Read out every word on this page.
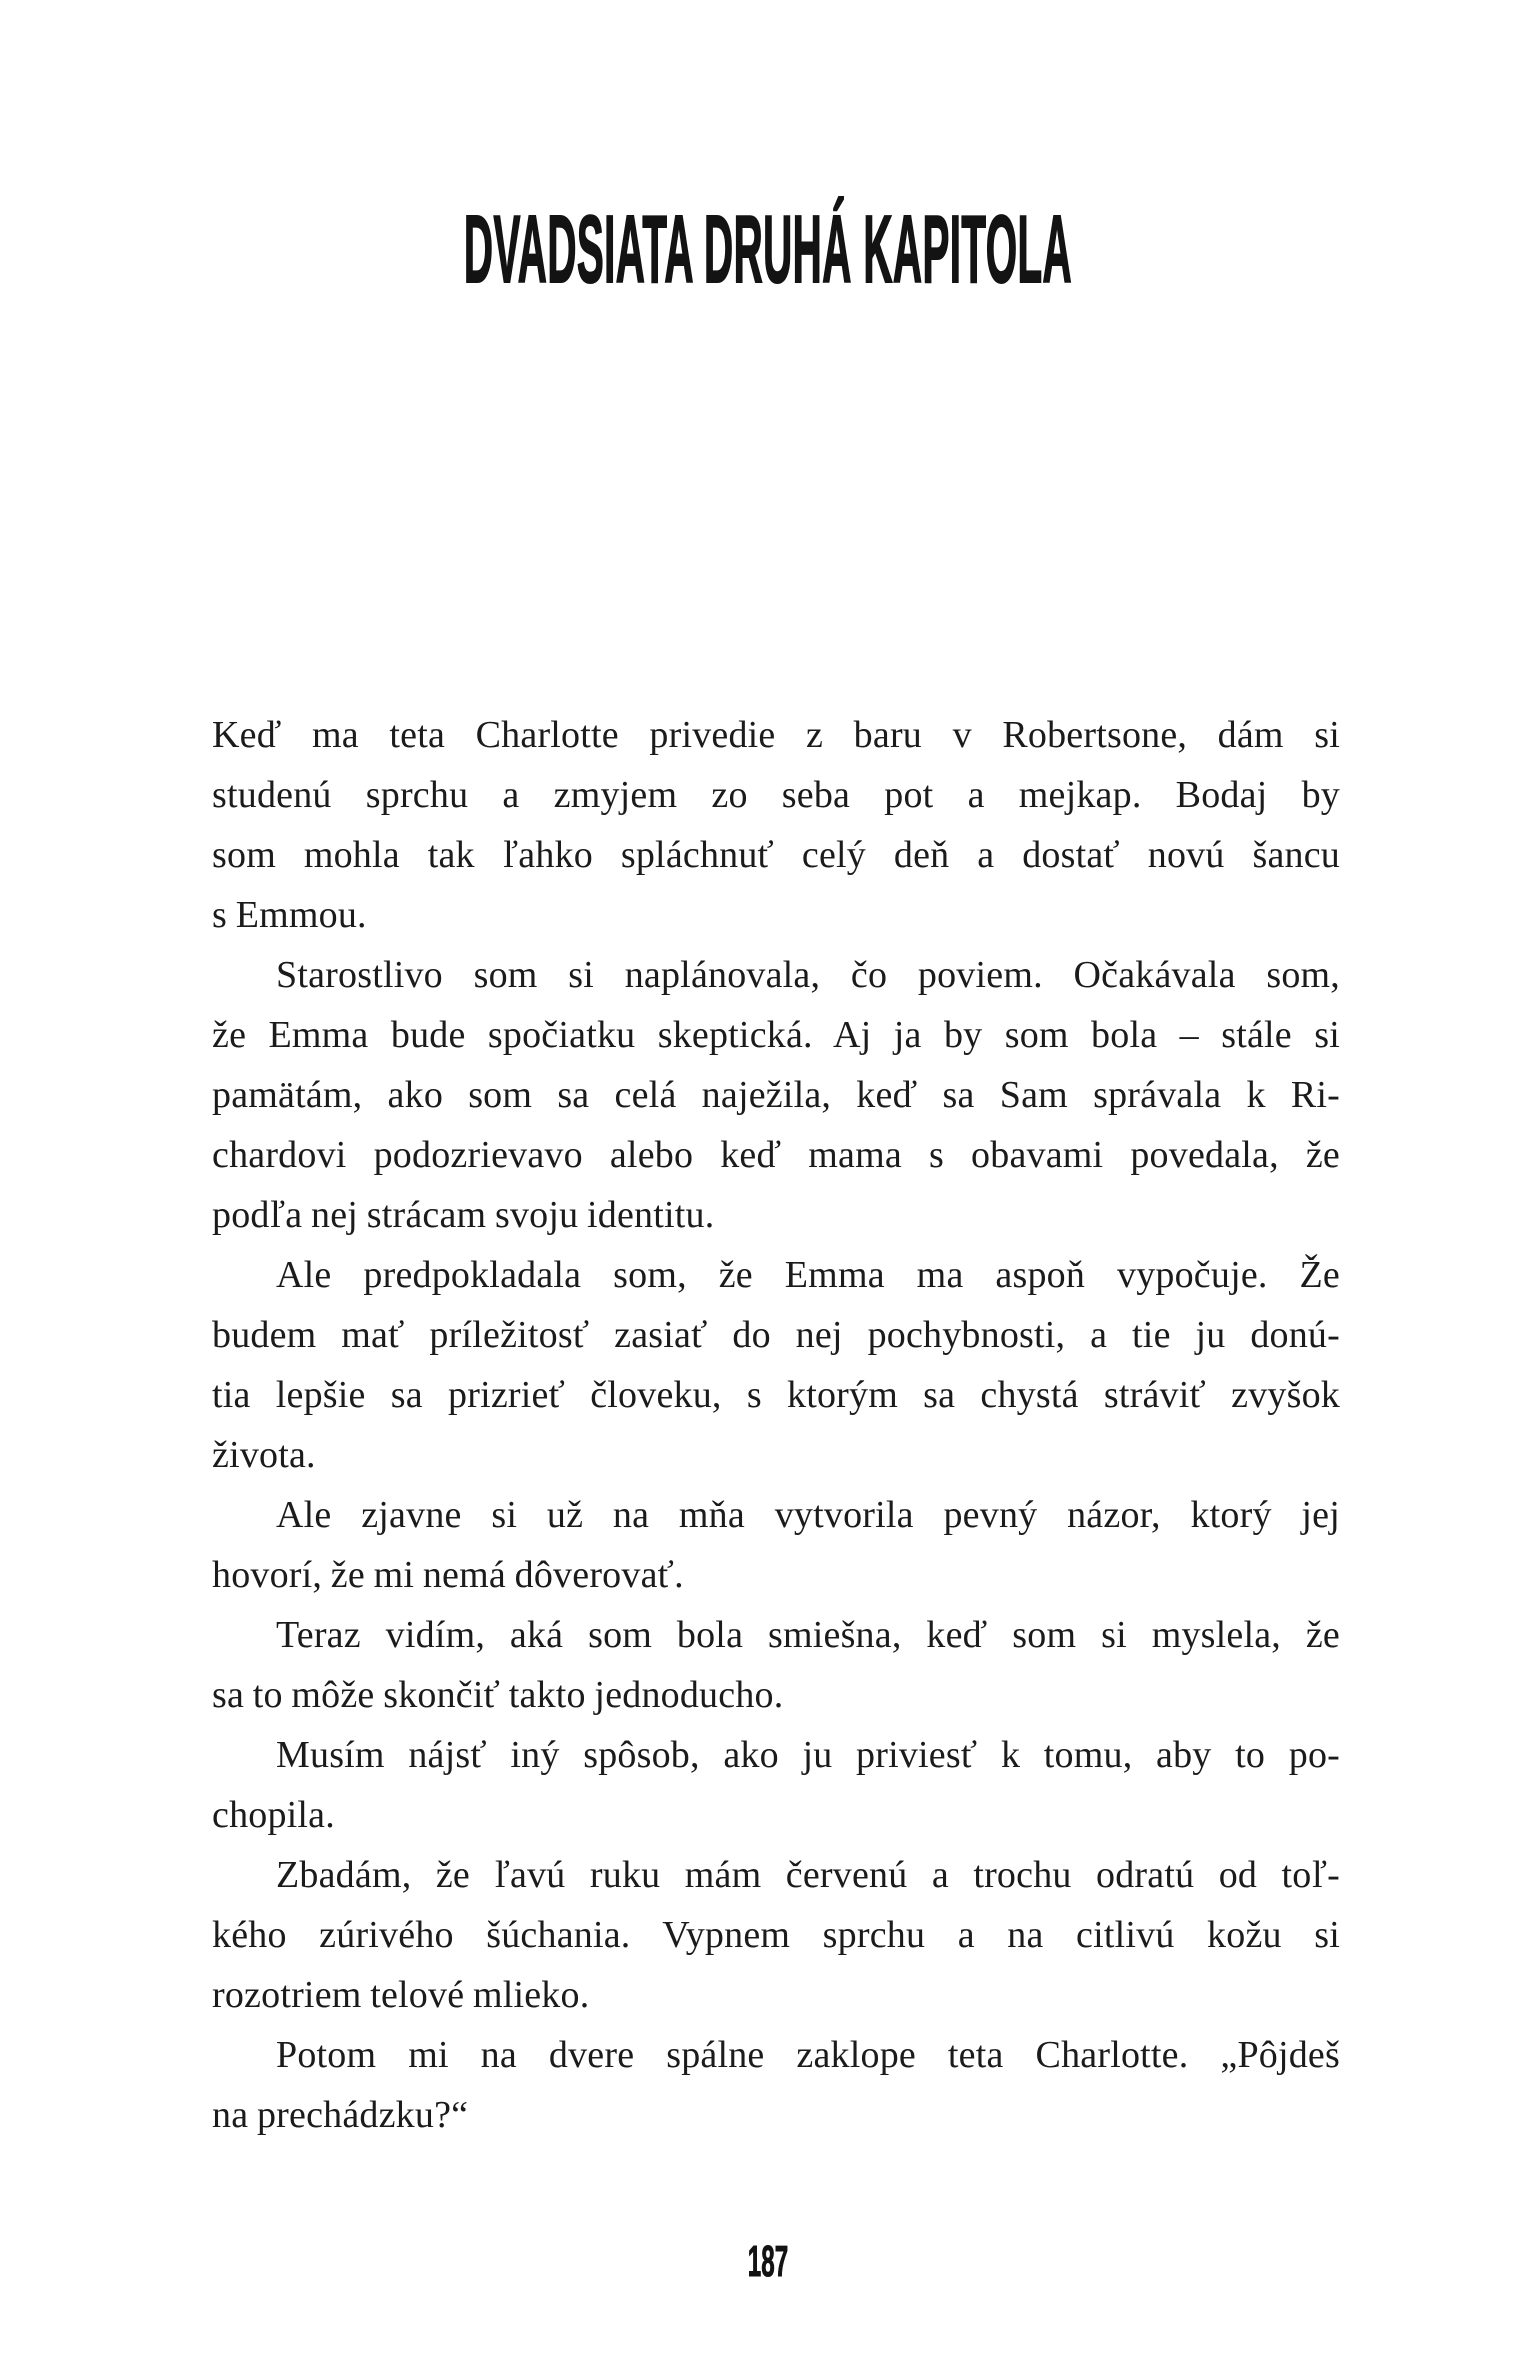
DVADSIATA DRUHÁ KAPITOLA
Keď ma teta Charlotte privedie z baru v Robertsone, dám si
studenú sprchu a zmyjem zo seba pot a mejkap. Bodaj by
som mohla tak ľahko spláchnuť celý deň a dostať novú šancu
s Emmou.
Starostlivo som si naplánovala, čo poviem. Očakávala som,
že Emma bude spočiatku skeptická. Aj ja by som bola – stále si
pamätám, ako som sa celá naježila, keď sa Sam správala k Ri-
chardovi podozrievavo alebo keď mama s obavami povedala, že
podľa nej strácam svoju identitu.
Ale predpokladala som, že Emma ma aspoň vypočuje. Že
budem mať príležitosť zasiať do nej pochybnosti, a tie ju donú-
tia lepšie sa prizrieť človeku, s ktorým sa chystá stráviť zvyšok
života.
Ale zjavne si už na mňa vytvorila pevný názor, ktorý jej
hovorí, že mi nemá dôverovať.
Teraz vidím, aká som bola smiešna, keď som si myslela, že
sa to môže skončiť takto jednoducho.
Musím nájsť iný spôsob, ako ju priviesť k tomu, aby to po-
chopila.
Zbadám, že ľavú ruku mám červenú a trochu odratú od toľ-
kého zúrivého šúchania. Vypnem sprchu a na citlivú kožu si
rozotriem telové mlieko.
Potom mi na dvere spálne zaklope teta Charlotte. „Pôjdeš
na prechádzku?“
187
